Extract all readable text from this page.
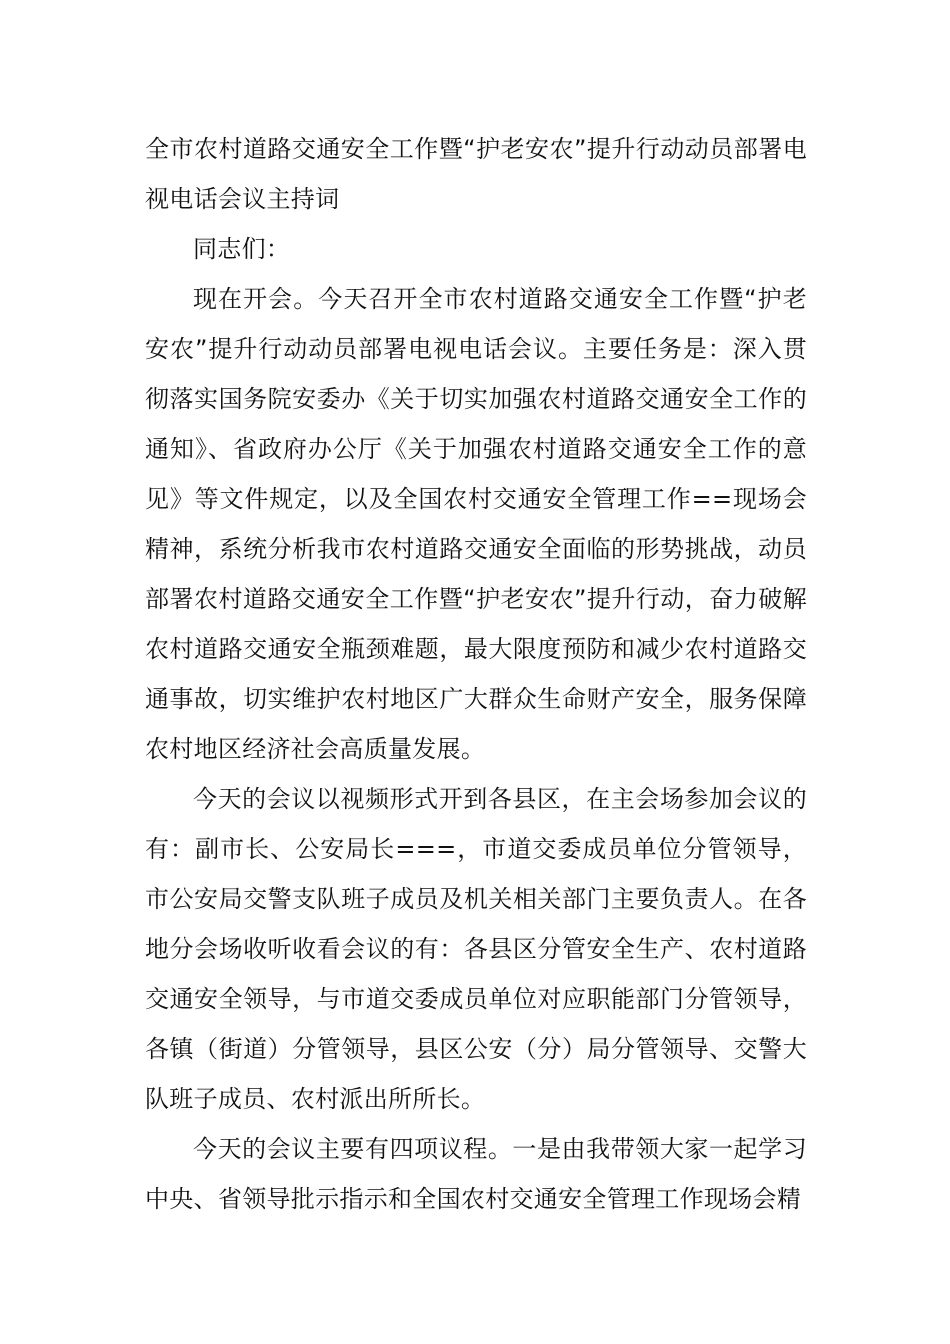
全市农村道路交通安全工作暨“护老安农”提升行动动员部署电视电话会议主持词

同志们：

现在开会。今天召开全市农村道路交通安全工作暨“护老安农”提升行动动员部署电视电话会议。主要任务是：深入贯彻落实国务院安委办《关于切实加强农村道路交通安全工作的通知》、省政府办公厅《关于加强农村道路交通安全工作的意见》等文件规定，以及全国农村交通安全管理工作==现场会精神，系统分析我市农村道路交通安全面临的形势挑战，动员部署农村道路交通安全工作暨“护老安农”提升行动，奋力破解农村道路交通安全瓶颈难题，最大限度预防和减少农村道路交通事故，切实维护农村地区广大群众生命财产安全，服务保障农村地区经济社会高质量发展。

今天的会议以视频形式开到各县区，在主会场参加会议的有：副市长、公安局长===，市道交委成员单位分管领导，市公安局交警支队班子成员及机关相关部门主要负责人。在各地分会场收听收看会议的有：各县区分管安全生产、农村道路交通安全领导，与市道交委成员单位对应职能部门分管领导，各镇（街道）分管领导，县区公安（分）局分管领导、交警大队班子成员、农村派出所所长。

今天的会议主要有四项议程。一是由我带领大家一起学习中央、省领导批示指示和全国农村交通安全管理工作现场会精
